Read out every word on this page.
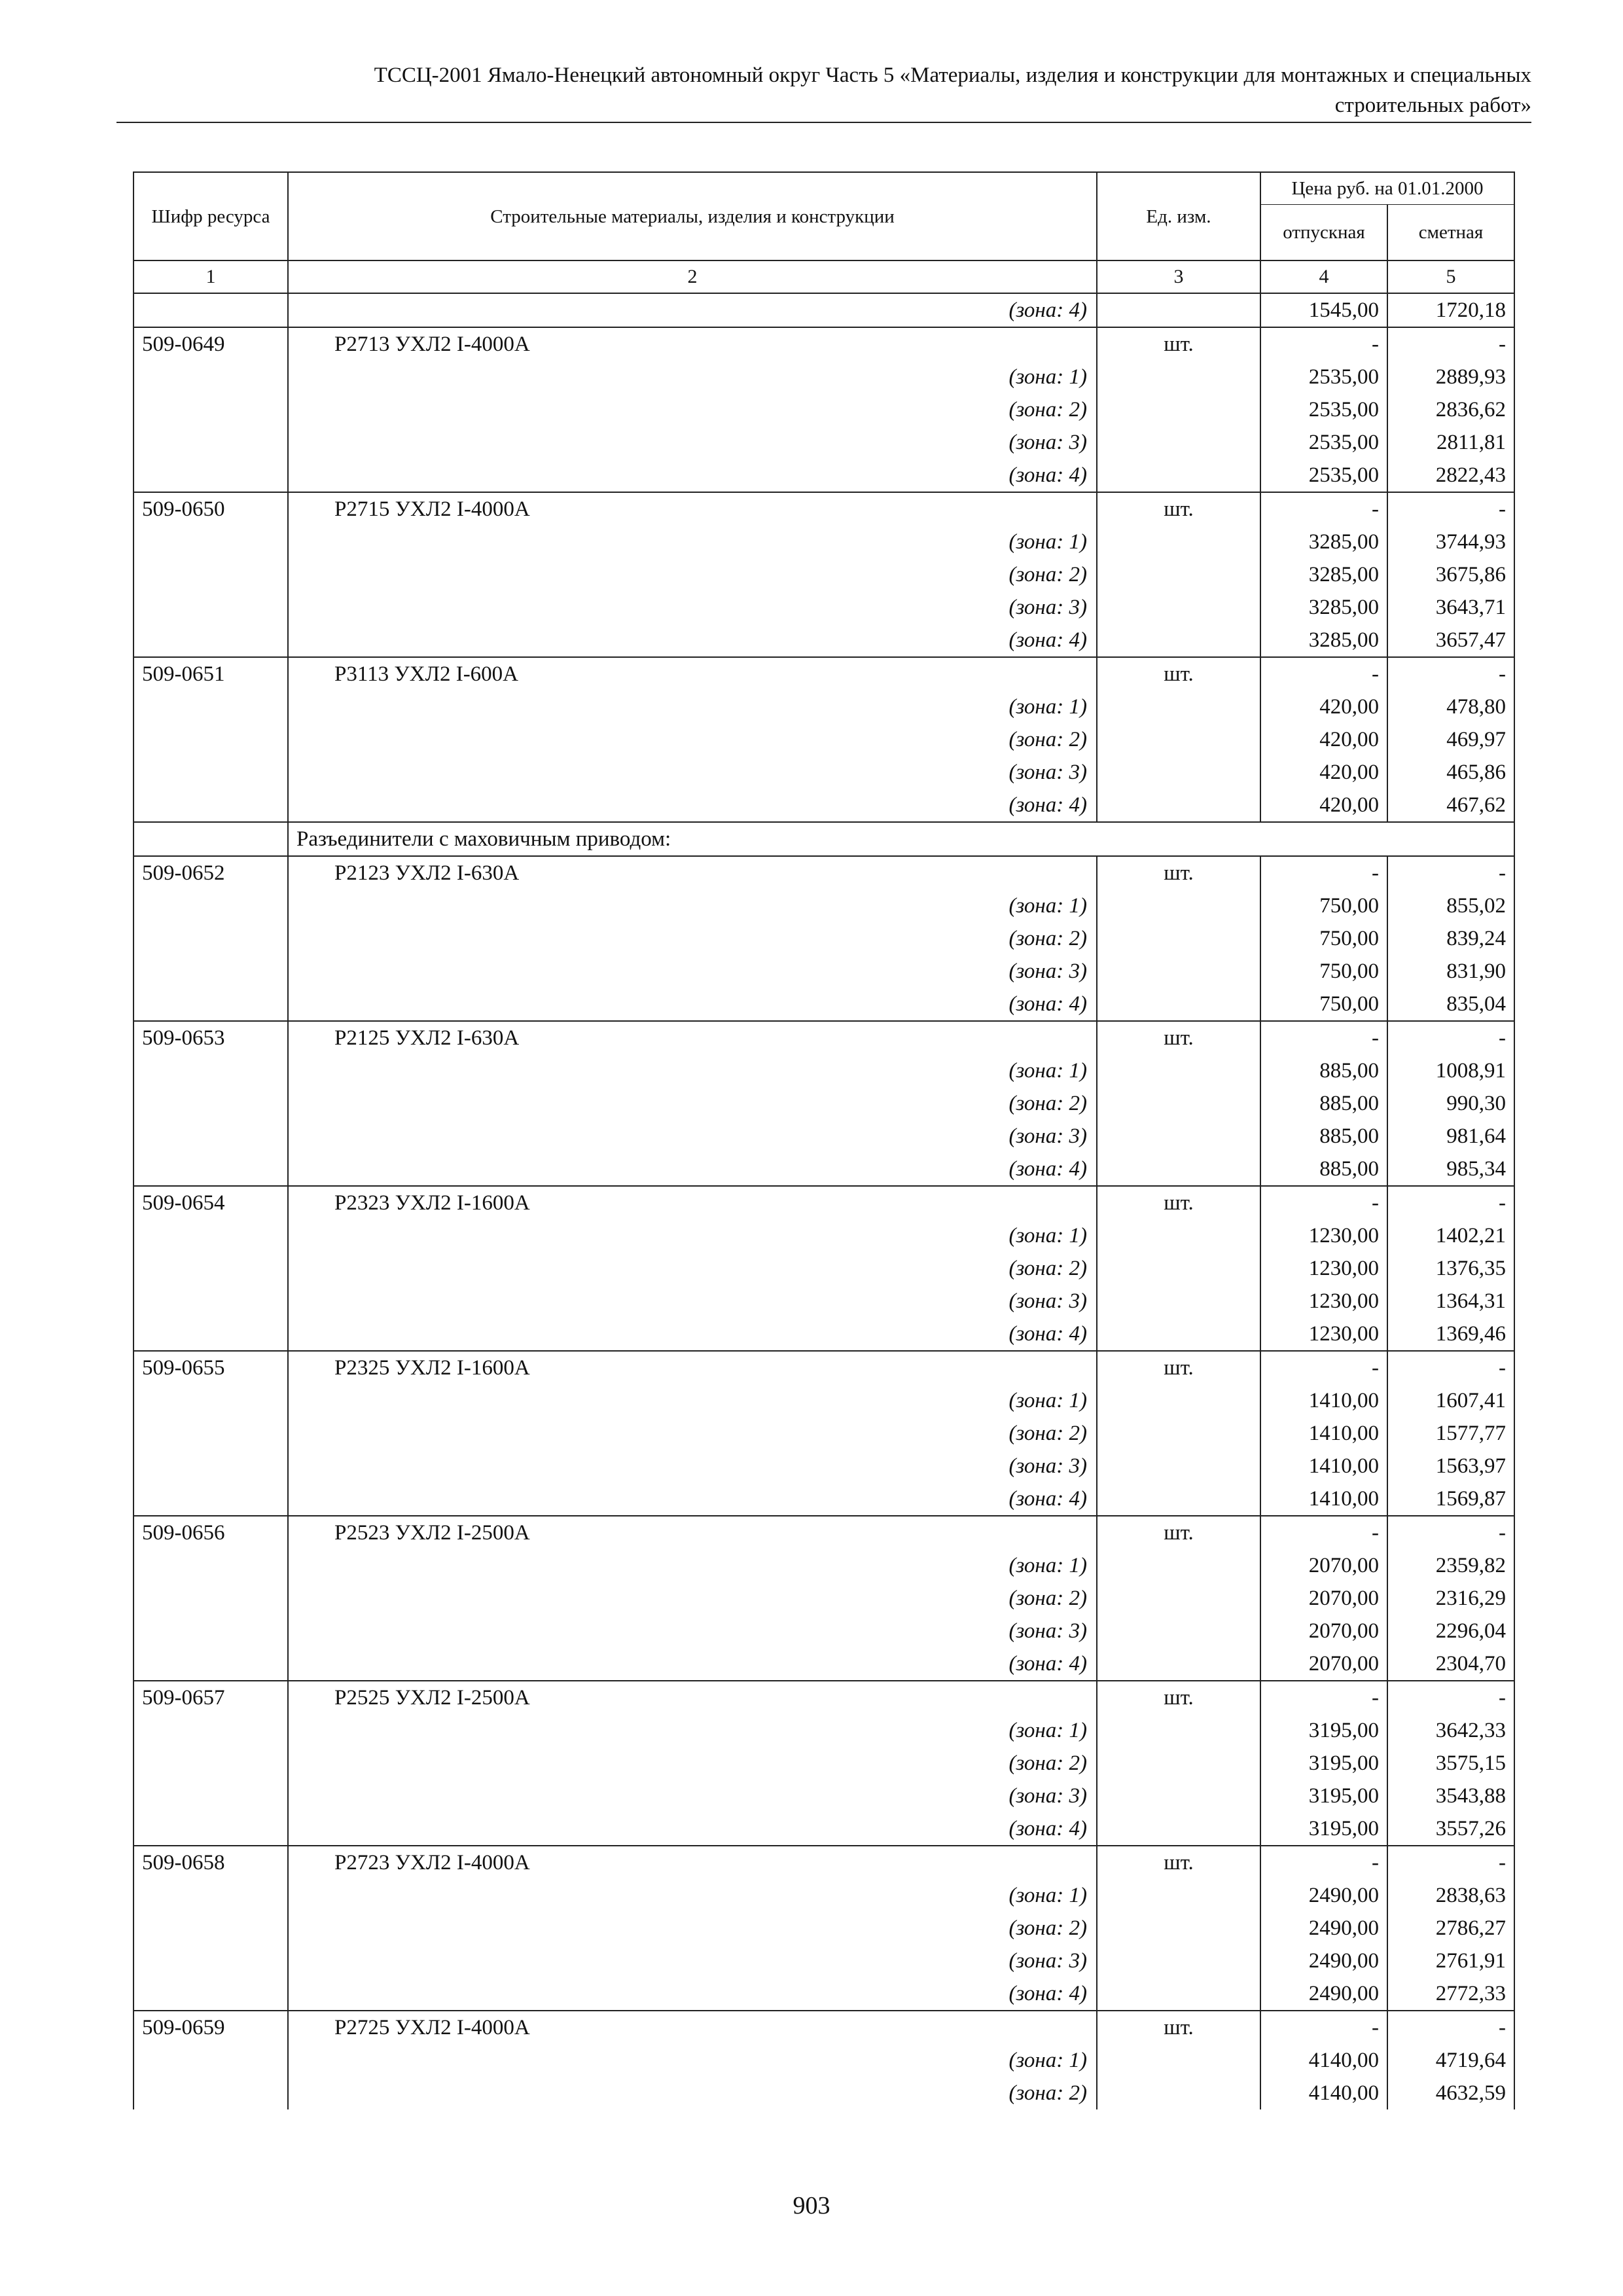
ТССЦ-2001 Ямало-Ненецкий автономный округ Часть 5 «Материалы, изделия и конструкции для монтажных и специальных
строительных работ»
Шифр ресурса	Строительные материалы, изделия и конструкции	Ед. изм.	Цена руб. на 01.01.2000	
			отпускная	сметная
1	2	3	4	5
	(зона: 4)		1545,00	1720,18
509-0649	Р2713 УХЛ2 I-4000А	шт.	-	-
	(зона: 1)		2535,00	2889,93
	(зона: 2)		2535,00	2836,62
	(зона: 3)		2535,00	2811,81
	(зона: 4)		2535,00	2822,43
509-0650	Р2715 УХЛ2 I-4000А	шт.	-	-
	(зона: 1)		3285,00	3744,93
	(зона: 2)		3285,00	3675,86
	(зона: 3)		3285,00	3643,71
	(зона: 4)		3285,00	3657,47
509-0651	Р3113 УХЛ2 I-600А	шт.	-	-
	(зона: 1)		420,00	478,80
	(зона: 2)		420,00	469,97
	(зона: 3)		420,00	465,86
	(зона: 4)		420,00	467,62
	Разъединители с маховичным приводом:			
509-0652	Р2123 УХЛ2 I-630А	шт.	-	-
	(зона: 1)		750,00	855,02
	(зона: 2)		750,00	839,24
	(зона: 3)		750,00	831,90
	(зона: 4)		750,00	835,04
509-0653	Р2125 УХЛ2 I-630А	шт.	-	-
	(зона: 1)		885,00	1008,91
	(зона: 2)		885,00	990,30
	(зона: 3)		885,00	981,64
	(зона: 4)		885,00	985,34
509-0654	Р2323 УХЛ2 I-1600А	шт.	-	-
	(зона: 1)		1230,00	1402,21
	(зона: 2)		1230,00	1376,35
	(зона: 3)		1230,00	1364,31
	(зона: 4)		1230,00	1369,46
509-0655	Р2325 УХЛ2 I-1600А	шт.	-	-
	(зона: 1)		1410,00	1607,41
	(зона: 2)		1410,00	1577,77
	(зона: 3)		1410,00	1563,97
	(зона: 4)		1410,00	1569,87
509-0656	Р2523 УХЛ2 I-2500А	шт.	-	-
	(зона: 1)		2070,00	2359,82
	(зона: 2)		2070,00	2316,29
	(зона: 3)		2070,00	2296,04
	(зона: 4)		2070,00	2304,70
509-0657	Р2525 УХЛ2 I-2500А	шт.	-	-
	(зона: 1)		3195,00	3642,33
	(зона: 2)		3195,00	3575,15
	(зона: 3)		3195,00	3543,88
	(зона: 4)		3195,00	3557,26
509-0658	Р2723 УХЛ2 I-4000А	шт.	-	-
	(зона: 1)		2490,00	2838,63
	(зона: 2)		2490,00	2786,27
	(зона: 3)		2490,00	2761,91
	(зона: 4)		2490,00	2772,33
509-0659	Р2725 УХЛ2 I-4000А	шт.	-	-
	(зона: 1)		4140,00	4719,64
	(зона: 2)		4140,00	4632,59
903
